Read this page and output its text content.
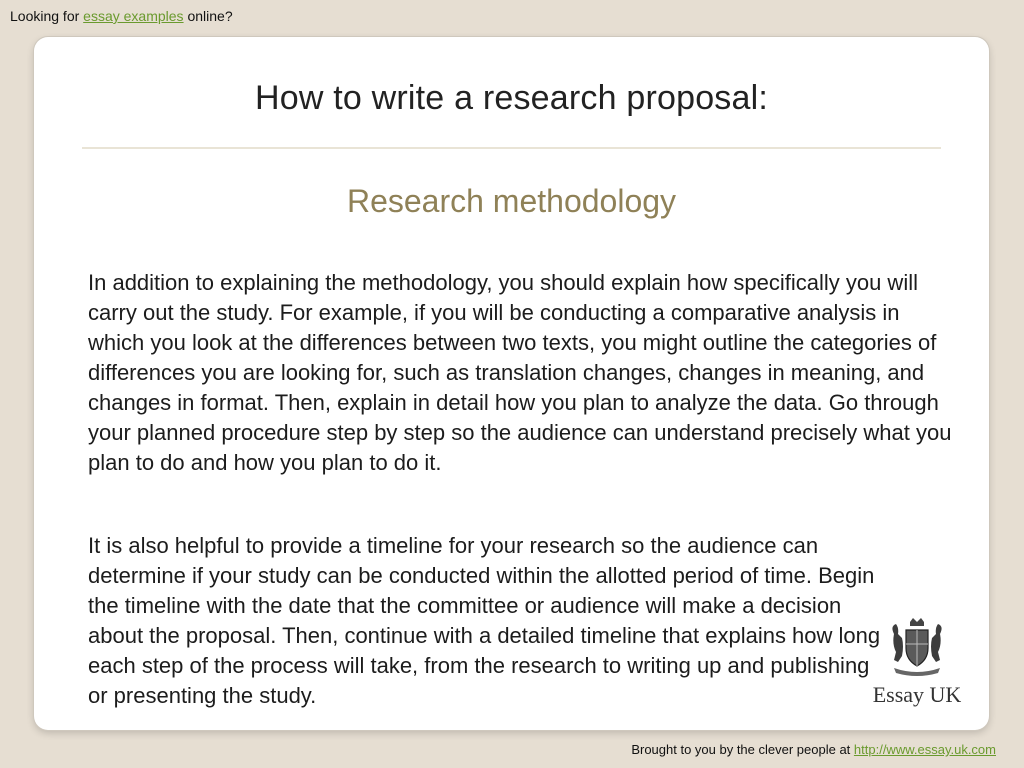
Looking for essay examples online?
How to write a research proposal:
Research methodology

In addition to explaining the methodology, you should explain how specifically you will carry out the study. For example, if you will be conducting a comparative analysis in which you look at the differences between two texts, you might outline the categories of differences you are looking for, such as translation changes, changes in meaning, and changes in format. Then, explain in detail how you plan to analyze the data. Go through your planned procedure step by step so the audience can understand precisely what you plan to do and how you plan to do it.

It is also helpful to provide a timeline for your research so the audience can determine if your study can be conducted within the allotted period of time. Begin the timeline with the date that the committee or audience will make a decision about the proposal. Then, continue with a detailed timeline that explains how long each step of the process will take, from the research to writing up and publishing or presenting the study.	Essay UK
Brought to you by the clever people at http://www.essay.uk.com
